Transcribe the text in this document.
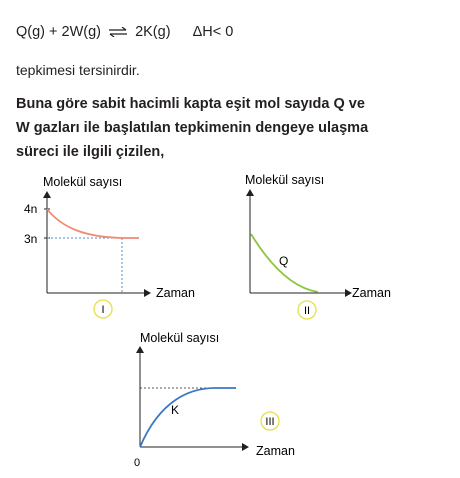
Q(g) + 2W(g) ⇌ 2K(g) ΔH< 0
tepkimesi tersinirdir.
Buna göre sabit hacimli kapta eşit mol sayıda Q ve
W gazları ile başlatılan tepkimenin dengeye ulaşma
süreci ile ilgili çizilen,
Molekül sayısı
Zaman
4n
3n
I
Molekül sayısı
Zaman
Q
II
Molekül sayısı
Zaman
0
K
III
